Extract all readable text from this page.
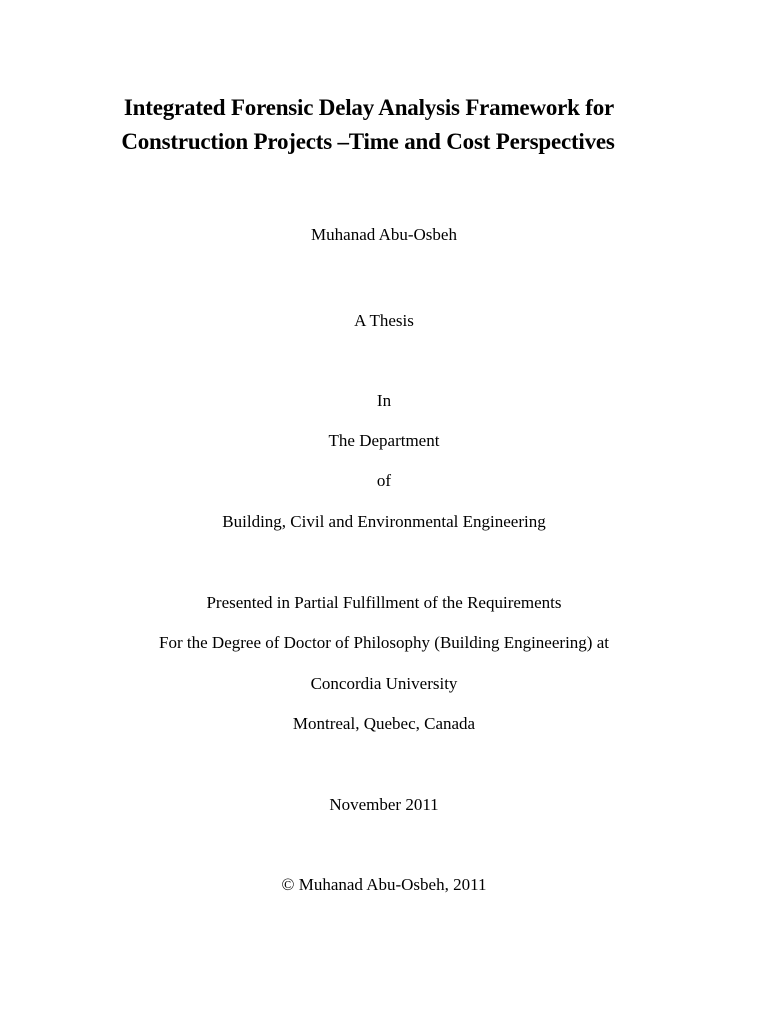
Integrated Forensic Delay Analysis Framework for
Construction Projects –Time and Cost Perspectives
Muhanad Abu-Osbeh
A Thesis
In
The Department
of
Building, Civil and Environmental Engineering
Presented in Partial Fulfillment of the Requirements
For the Degree of Doctor of Philosophy (Building Engineering) at
Concordia University
Montreal, Quebec, Canada
November 2011
© Muhanad Abu-Osbeh, 2011
